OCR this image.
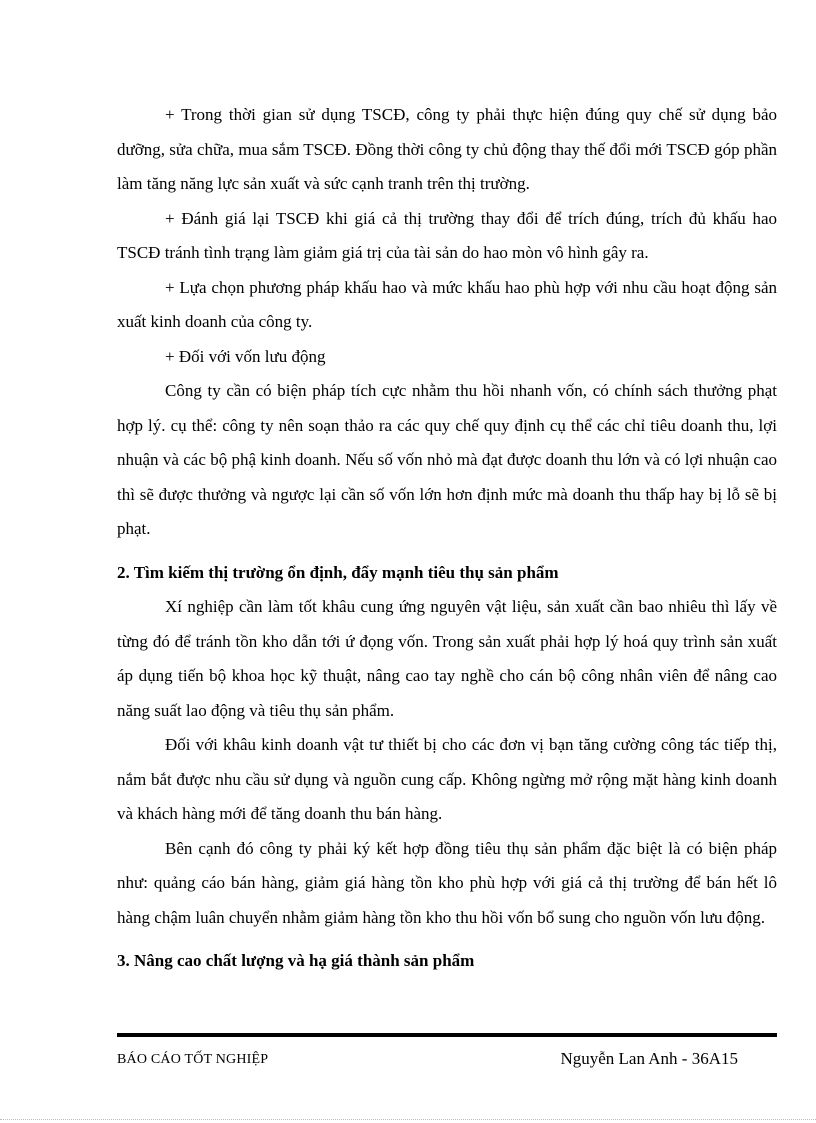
+ Trong thời gian sử dụng TSCĐ, công ty phải thực hiện đúng quy chế sử dụng bảo dưỡng, sửa chữa, mua sắm TSCĐ. Đồng thời công ty chủ động thay thế đổi mới TSCĐ góp phần làm tăng năng lực sản xuất và sức cạnh tranh trên thị trường.

+ Đánh giá lại TSCĐ khi giá cả thị trường thay đổi để trích đúng, trích đủ khấu hao TSCĐ tránh tình trạng làm giảm giá trị của tài sản do hao mòn vô hình gây ra.

+ Lựa chọn phương pháp khấu hao và mức khấu hao phù hợp với nhu cầu hoạt động sản xuất kinh doanh của công ty.

+ Đối với vốn lưu động

Công ty cần có biện pháp tích cực nhằm thu hồi nhanh vốn, có chính sách thưởng phạt hợp lý. cụ thể: công ty nên soạn thảo ra các quy chế quy định cụ thể các chỉ tiêu doanh thu, lợi nhuận và các bộ phậ kinh doanh. Nếu số vốn nhỏ mà đạt được doanh thu lớn và có lợi nhuận cao thì sẽ được thưởng và ngược lại cần số vốn lớn hơn định mức mà doanh thu thấp hay bị lỗ sẽ bị phạt.

2. Tìm kiếm thị trường ổn định, đẩy mạnh tiêu thụ sản phẩm

Xí nghiệp cần làm tốt khâu cung ứng nguyên vật liệu, sản xuất cần bao nhiêu thì lấy về từng đó để tránh tồn kho dẫn tới ứ đọng vốn. Trong sản xuất phải hợp lý hoá quy trình sản xuất áp dụng tiến bộ khoa học kỹ thuật, nâng cao tay nghề cho cán bộ công nhân viên để nâng cao năng suất lao động và tiêu thụ sản phẩm.

Đối với khâu kinh doanh vật tư thiết bị cho các đơn vị bạn tăng cường công tác tiếp thị, nắm bắt được nhu cầu sử dụng và nguồn cung cấp. Không ngừng mở rộng mặt hàng kinh doanh và khách hàng mới để tăng doanh thu bán hàng.

Bên cạnh đó công ty phải ký kết hợp đồng tiêu thụ sản phẩm đặc biệt là có biện pháp như: quảng cáo bán hàng, giảm giá hàng tồn kho phù hợp với giá cả thị trường để bán hết lô hàng chậm luân chuyển nhằm giảm hàng tồn kho thu hồi vốn bổ sung cho nguồn vốn lưu động.

3. Nâng cao chất lượng và hạ giá thành sản phẩm

BÁO CÁO TỐT NGHIỆP	Nguyễn Lan Anh - 36A15
